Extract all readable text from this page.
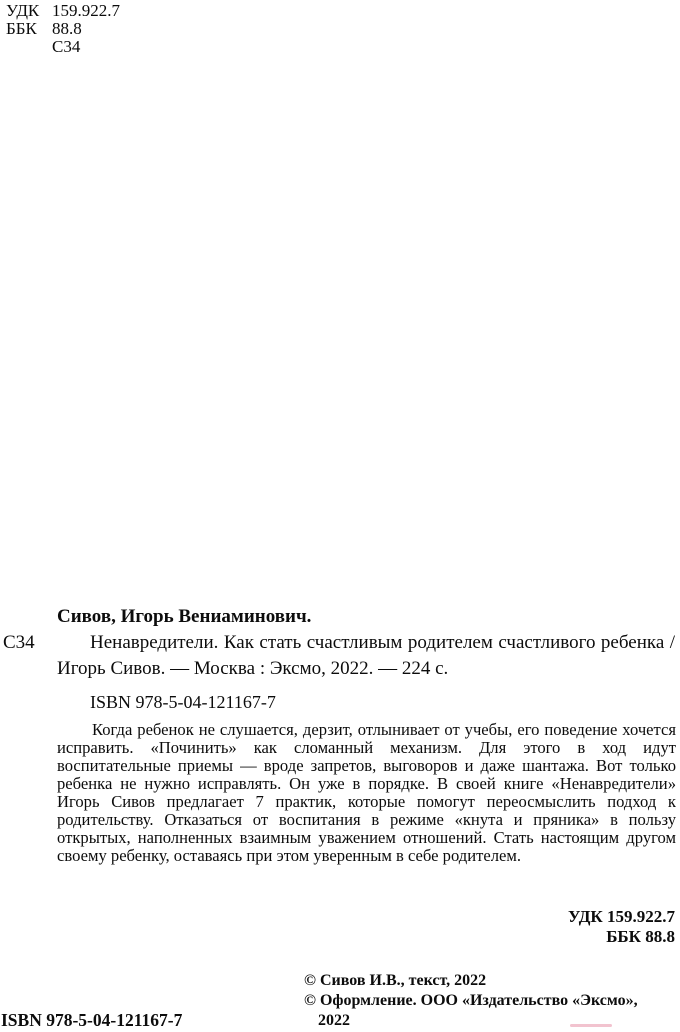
УДК 159.922.7
ББК 88.8
С34
Сивов, Игорь Вениаминович.
С34	Ненавредители. Как стать счастливым родителем счастливого ребенка / Игорь Сивов. — Москва : Эксмо, 2022. — 224 с.
ISBN 978-5-04-121167-7
Когда ребенок не слушается, дерзит, отлынивает от учебы, его поведение хочется исправить. «Починить» как сломанный механизм. Для этого в ход идут воспитательные приемы — вроде запретов, выговоров и даже шантажа. Вот только ребенка не нужно исправлять. Он уже в порядке. В своей книге «Ненавредители» Игорь Сивов предлагает 7 практик, которые помогут переосмыслить подход к родительству. Отказаться от воспитания в режиме «кнута и пряника» в пользу открытых, наполненных взаимным уважением отношений. Стать настоящим другом своему ребенку, оставаясь при этом уверенным в себе родителем.
УДК 159.922.7
ББК 88.8
© Сивов И.В., текст, 2022
© Оформление. ООО «Издательство «Эксмо»,
2022
ISBN 978-5-04-121167-7
